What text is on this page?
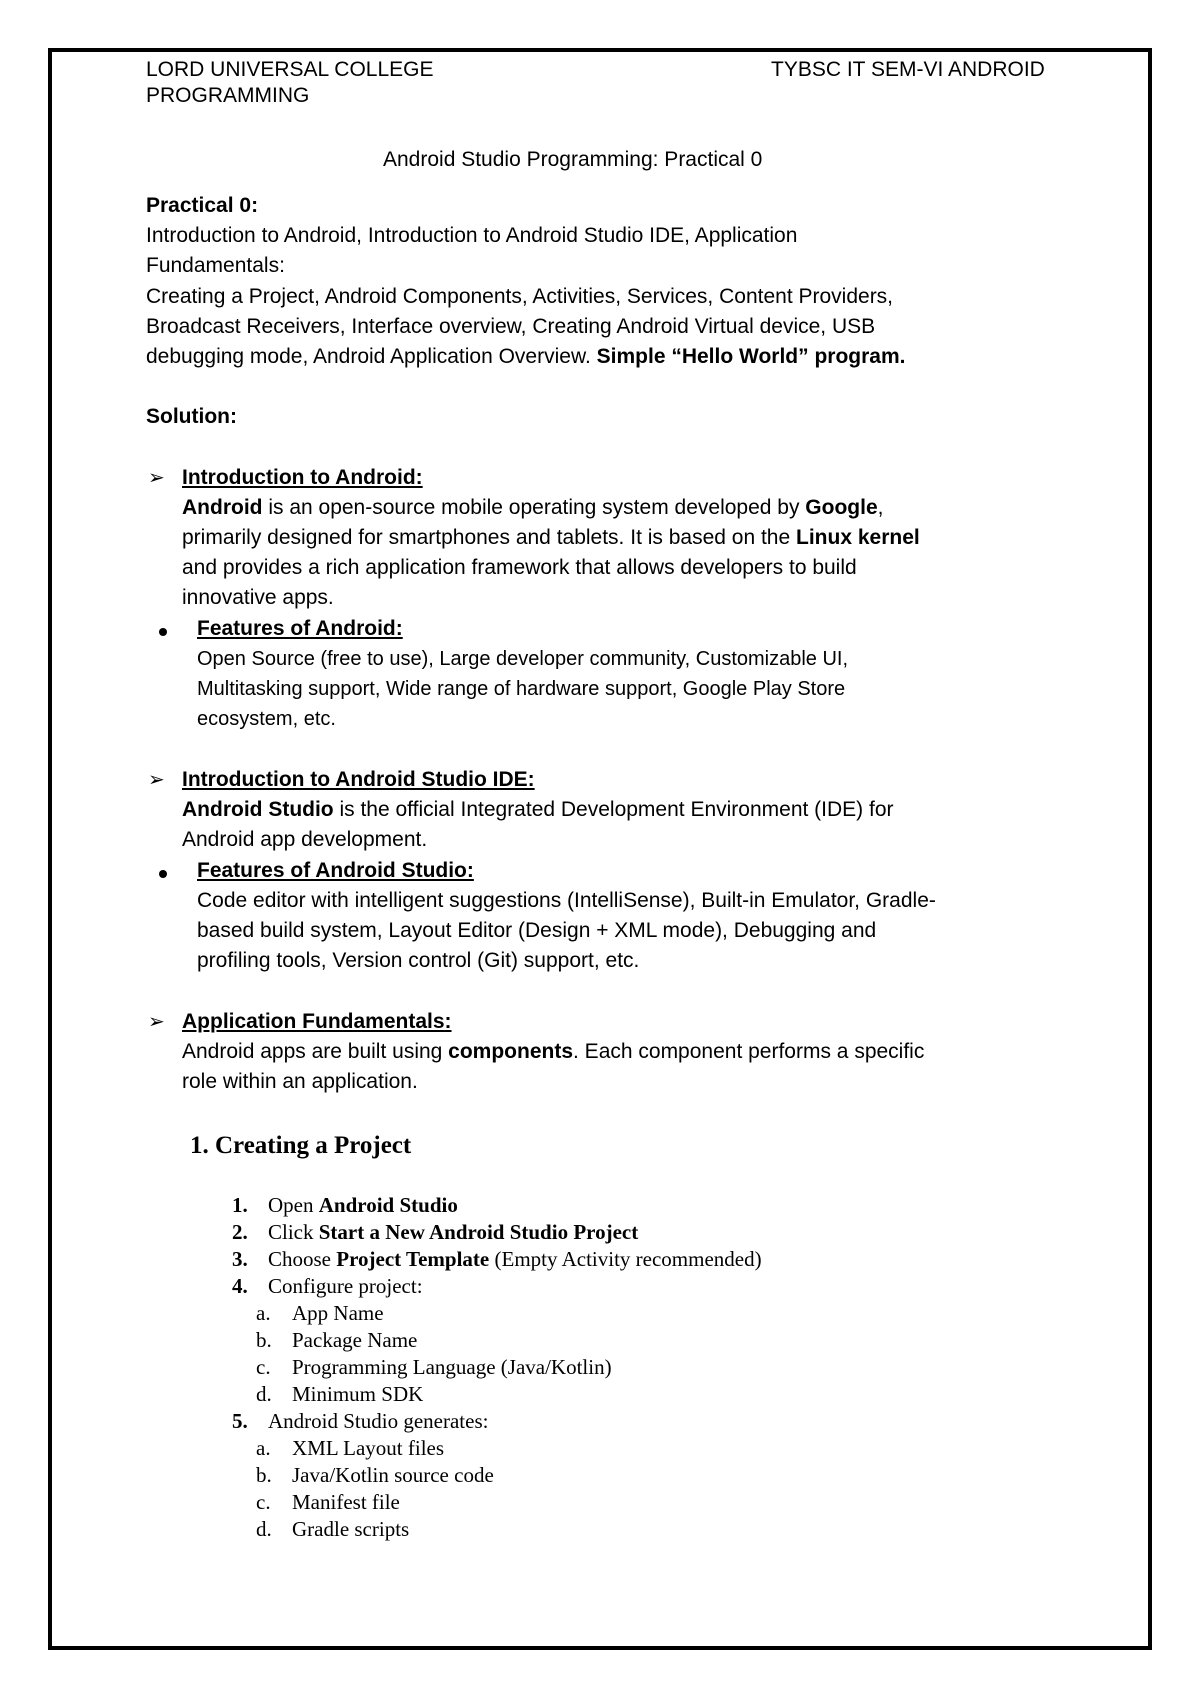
LORD UNIVERSAL COLLEGE	TYBSC IT SEM-VI ANDROID
PROGRAMMING
Android Studio Programming: Practical 0
Practical 0:
Introduction to Android, Introduction to Android Studio IDE, Application
Fundamentals:
Creating a Project, Android Components, Activities, Services, Content Providers,
Broadcast Receivers, Interface overview, Creating Android Virtual device, USB
debugging mode, Android Application Overview. Simple “Hello World” program.
Solution:
➢ Introduction to Android:
Android is an open-source mobile operating system developed by Google,
primarily designed for smartphones and tablets. It is based on the Linux kernel
and provides a rich application framework that allows developers to build
innovative apps.
Features of Android:
Open Source (free to use), Large developer community, Customizable UI,
Multitasking support, Wide range of hardware support, Google Play Store
ecosystem, etc.
➢ Introduction to Android Studio IDE:
Android Studio is the official Integrated Development Environment (IDE) for
Android app development.
Features of Android Studio:
Code editor with intelligent suggestions (IntelliSense), Built-in Emulator, Gradle-
based build system, Layout Editor (Design + XML mode), Debugging and
profiling tools, Version control (Git) support, etc.
➢ Application Fundamentals:
Android apps are built using components. Each component performs a specific
role within an application.
1. Creating a Project
1. Open Android Studio
2. Click Start a New Android Studio Project
3. Choose Project Template (Empty Activity recommended)
4. Configure project:
a. App Name
b. Package Name
c. Programming Language (Java/Kotlin)
d. Minimum SDK
5. Android Studio generates:
a. XML Layout files
b. Java/Kotlin source code
c. Manifest file
d. Gradle scripts
